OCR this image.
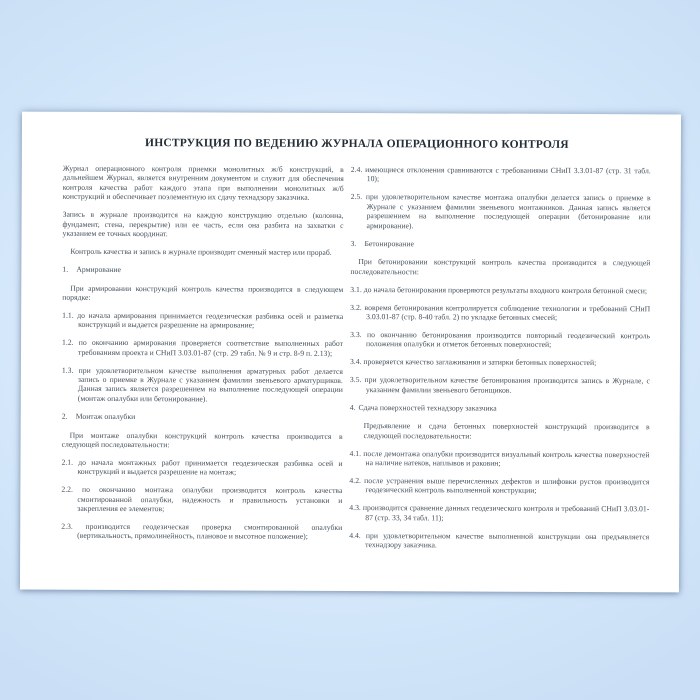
ИНСТРУКЦИЯ ПО ВЕДЕНИЮ ЖУРНАЛА ОПЕРАЦИОННОГО КОНТРОЛЯ

Журнал операционного контроля приемки монолитных ж/б конструкций, в дальнейшем Журнал, является внутренним документом и служит для обеспечения контроля качества работ каждого этапа при выполнении монолитных ж/б конструкций и обеспечивает поэлементную их сдачу технадзору заказчика.

Запись в журнале производится на каждую конструкцию отдельно (колонна, фундамент, стена, перекрытие) или ее часть, если она разбита на захватки с указанием ее точных координат.

Контроль качества и запись в журнале производит сменный мастер или прораб.

1. Армирование

При армировании конструкций контроль качества производится в следующем порядке:

1.1. до начала армирования принимается геодезическая разбивка осей и разметка конструкций и выдается разрешение на армирование;

1.2. по окончанию армирования проверяется соответствие выполненных работ требованиям проекта и СНиП 3.03.01-87 (стр. 29 табл. № 9 и стр. 8-9 п. 2.13);

1.3. при удовлетворительном качестве выполнения арматурных работ делается запись о приемке в Журнале с указанием фамилии звеньевого арматурщиков. Данная запись является разрешением на выполнение последующей операции (монтаж опалубки или бетонирование).

2. Монтаж опалубки

При монтаже опалубки конструкций контроль качества производится в следующей последовательности:

2.1. до начала монтажных работ принимается геодезическая разбивка осей и конструкций и выдается разрешение на монтаж;

2.2. по окончанию монтажа опалубки производится контроль качества смонтированной опалубки, надежность и правильность установки и закрепления ее элементов;

2.3. производится геодезическая проверка смонтированной опалубки (вертикальность, прямолинейность, плановое и высотное положение);

2.4. имеющиеся отклонения сравниваются с требованиями СНиП 3.3.01-87 (стр. 31 табл. 10);

2.5. при удовлетворительном качестве монтажа опалубки делается запись о приемке в Журнале с указанием фамилии звеньевого монтажников. Данная запись является разрешением на выполнение последующей операции (бетонирование или армирование).

3. Бетонирование

При бетонировании конструкций контроль качества производится в следующей последовательности:

3.1. до начала бетонирования проверяются результаты входного контроля бетонной смеси;

3.2. вовремя бетонирования контролируется соблюдение технологии и требований СНиП 3.03.01-87 (стр. 8-40 табл. 2) по укладке бетонных смесей;

3.3. по окончанию бетонирования производится повторный геодезический контроль положения опалубки и отметок бетонных поверхностей;

3.4. проверяется качество заглаживания и затирки бетонных поверхностей;

3.5. при удовлетворительном качестве бетонирования производится запись в Журнале, с указанием фамилии звеньевого бетонщиков.

4. Сдача поверхностей технадзору заказчика

Предъявление и сдача бетонных поверхностей конструкций производится в следующей последовательности:

4.1. после демонтажа опалубки производится визуальный контроль качества поверхностей на наличие натеков, наплывов и раковин;

4.2. после устранения выше перечисленных дефектов и шлифовки рустов производится геодезический контроль выполненной конструкции;

4.3. производится сравнение данных геодезического контроля и требований СНиП 3.03.01-87 (стр. 33, 34 табл. 11);

4.4. при удовлетворительном качестве выполненной конструкции она предъявляется технадзору заказчика.
